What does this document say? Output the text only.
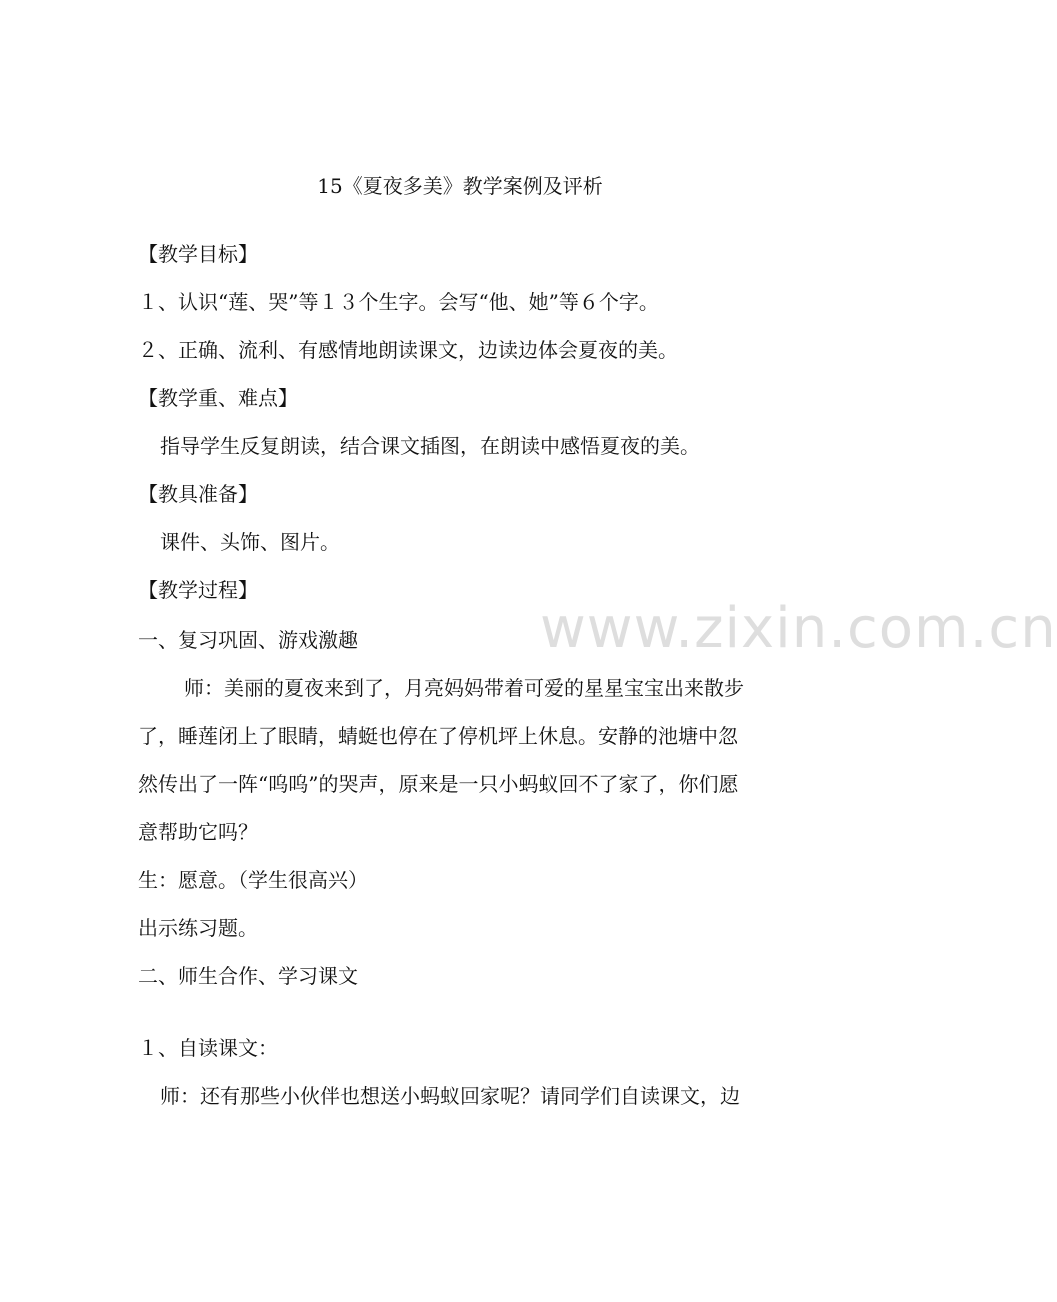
www.zixin.com.cn
15《夏夜多美》教学案例及评析
【教学目标】
１、认识“莲、哭”等１３个生字。会写“他、她”等６个字。
２、正确、流利、有感情地朗读课文，边读边体会夏夜的美。
【教学重、难点】
指导学生反复朗读，结合课文插图，在朗读中感悟夏夜的美。
【教具准备】
课件、头饰、图片。
【教学过程】
一、复习巩固、游戏激趣
师：美丽的夏夜来到了，月亮妈妈带着可爱的星星宝宝出来散步
了，睡莲闭上了眼睛，蜻蜓也停在了停机坪上休息。安静的池塘中忽
然传出了一阵“呜呜”的哭声，原来是一只小蚂蚁回不了家了，你们愿
意帮助它吗？
生：愿意。（学生很高兴）
出示练习题。
二、师生合作、学习课文
１、自读课文：
师：还有那些小伙伴也想送小蚂蚁回家呢？请同学们自读课文，边
